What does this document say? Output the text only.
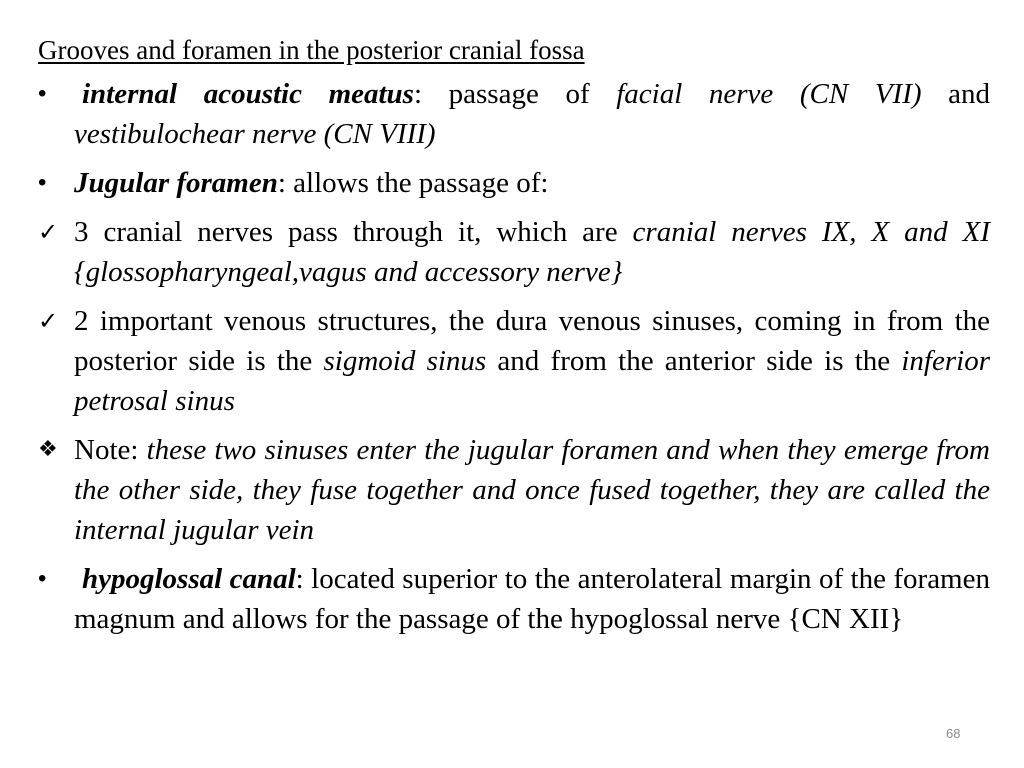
Grooves and foramen in the posterior cranial fossa
•	internal acoustic meatus: passage of facial nerve (CN VII) and vestibulochear nerve (CN VIII)
• Jugular foramen: allows the passage of:
✓ 3 cranial nerves pass through it, which are cranial nerves IX, X and XI {glossopharyngeal,vagus and accessory nerve}
✓ 2 important venous structures, the dura venous sinuses, coming in from the posterior side is the sigmoid sinus and from the anterior side is the inferior petrosal sinus
❖ Note: these two sinuses enter the jugular foramen and when they emerge from the other side, they fuse together and once fused together, they are called the internal jugular vein
•	hypoglossal canal: located superior to the anterolateral margin of the foramen magnum and allows for the passage of the hypoglossal nerve {CN XII}
68
